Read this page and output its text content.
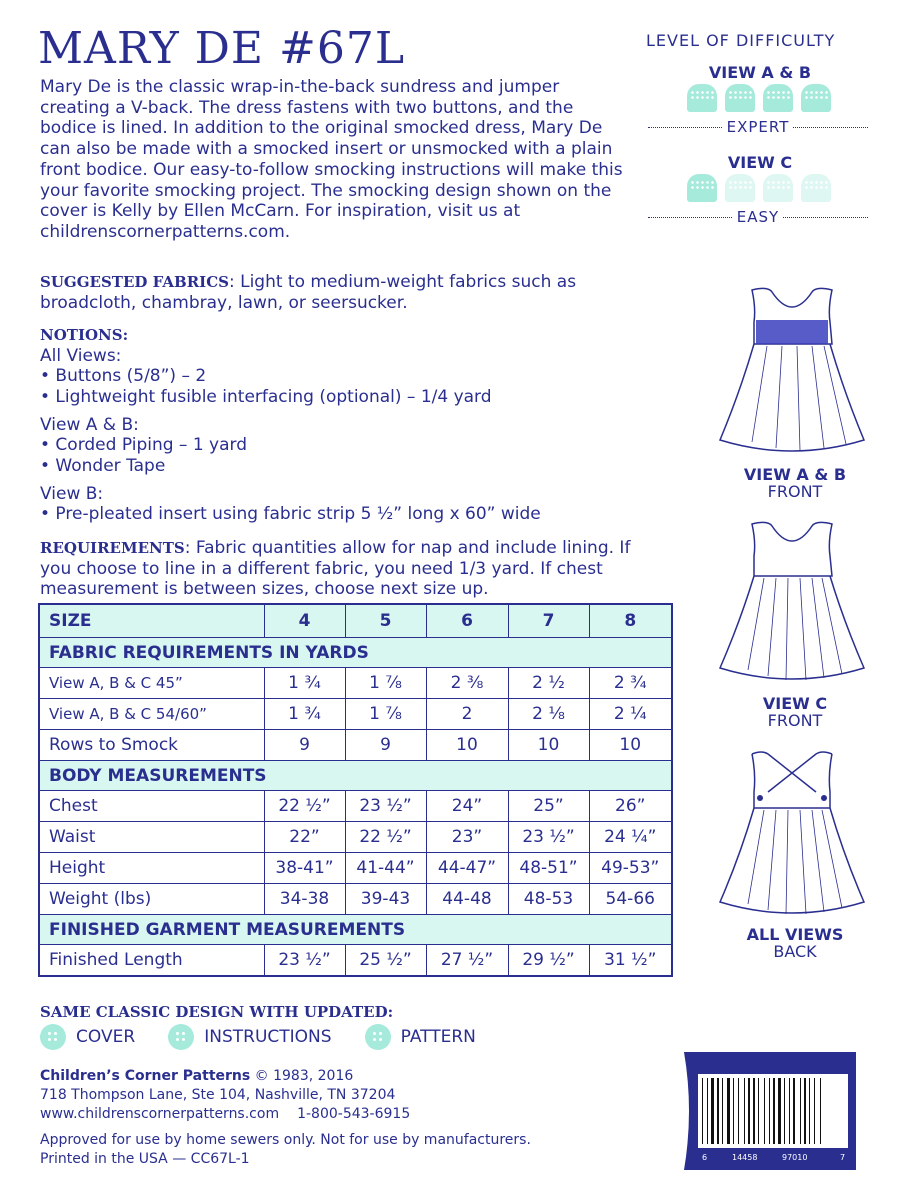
MARY DE #67L

Mary De is the classic wrap-in-the-back sundress and jumper creating a V-back. The dress fastens with two buttons, and the bodice is lined. In addition to the original smocked dress, Mary De can also be made with a smocked insert or unsmocked with a plain front bodice. Our easy-to-follow smocking instructions will make this your favorite smocking project. The smocking design shown on the cover is Kelly by Ellen McCarn. For inspiration, visit us at childrenscornerpatterns.com.

SUGGESTED FABRICS: Light to medium-weight fabrics such as broadcloth, chambray, lawn, or seersucker.

NOTIONS:
All Views:
• Buttons (5/8”) – 2
• Lightweight fusible interfacing (optional) – 1/4 yard
View A & B:
• Corded Piping – 1 yard
• Wonder Tape
View B:
• Pre-pleated insert using fabric strip 5 ½” long x 60” wide

REQUIREMENTS: Fabric quantities allow for nap and include lining. If you choose to line in a different fabric, you need 1/3 yard. If chest measurement is between sizes, choose next size up.

SIZE	4	5	6	7	8
FABRIC REQUIREMENTS IN YARDS					
View A, B & C 45”	1 ¾	1 ⅞	2 ⅜	2 ½	2 ¾
View A, B & C 54/60”	1 ¾	1 ⅞	2	2 ⅛	2 ¼
Rows to Smock	9	9	10	10	10
BODY MEASUREMENTS					
Chest	22 ½”	23 ½”	24”	25”	26”
Waist	22”	22 ½”	23”	23 ½”	24 ¼”
Height	38-41”	41-44”	44-47”	48-51”	49-53”
Weight (lbs)	34-38	39-43	44-48	48-53	54-66
FINISHED GARMENT MEASUREMENTS					
Finished Length	23 ½”	25 ½”	27 ½”	29 ½”	31 ½”
SAME CLASSIC DESIGN WITH UPDATED:
COVER
	INSTRUCTIONS
	PATTERN
Children’s Corner Patterns © 1983, 2016
718 Thompson Lane, Ste 104, Nashville, TN 37204
www.childrenscornerpatterns.com 1-800-543-6915
Approved for use by home sewers only. Not for use by manufacturers.
Printed in the USA — CC67L-1
LEVEL OF DIFFICULTY
VIEW A & B
EXPERT
VIEW C
EASY
VIEW A & B
FRONT
VIEW C
FRONT
ALL VIEWS
BACK
6	14458	97010	7
